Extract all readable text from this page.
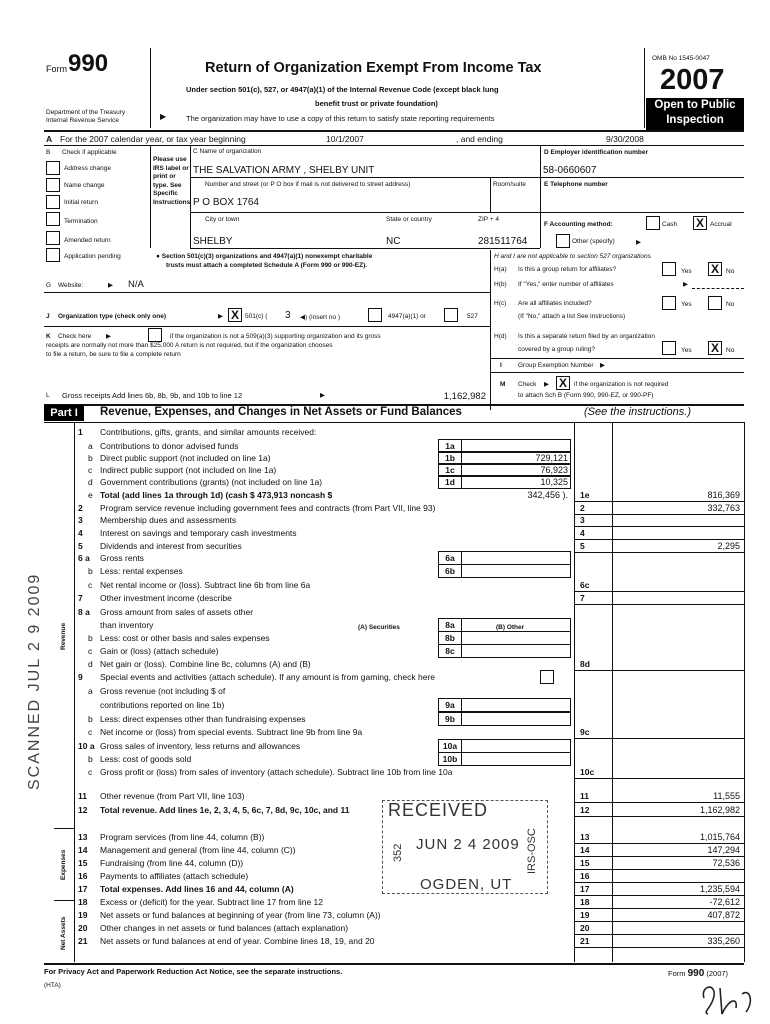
Form 990
Department of the Treasury
Internal Revenue Service
Return of Organization Exempt From Income Tax
Under section 501(c), 527, or 4947(a)(1) of the Internal Revenue Code (except black lung
benefit trust or private foundation)
▶	The organization may have to use a copy of this return to satisfy state reporting requirements
OMB No 1545-0047
2007
Open to Public
Inspection
A For the 2007 calendar year, or tax year beginning	10/1/2007	, and ending	9/30/2008
B Check if applicable
Address change
Name change
Initial return
Termination
Amended return
Application pending
Please use IRS label or print or type. See Specific Instructions
C Name of organization
THE SALVATION ARMY , SHELBY UNIT
Number and street (or P O box if mail is not delivered to street address)	Room/suite
P O BOX 1764
City or town	State or country	ZIP + 4
SHELBY	NC	281511764
D Employer identification number
58-0660607
E Telephone number
F Accounting method:	Cash X Accrual
Other (specify)	▶
● Section 501(c)(3) organizations and 4947(a)(1) nonexempt charitable
trusts must attach a completed Schedule A (Form 990 or 990-EZ).
H and I are not applicable to section 527 organizations
H(a) Is this a group return for affiliates?	Yes X	No
H(b) If "Yes," enter number of affiliates	▶
G Website:	▶ N/A
H(c) Are all affiliates included?	Yes	No
(If "No," attach a list See instructions)
J Organization type (check only one)	▶ X 501(c) ( 3 ◀) (insert no )	4947(a)(1) or	527
K Check here ▶	if the organization is not a 509(a)(3) supporting organization and its gross
receipts are normally not more than $25,000 A return is not required, but if the organization chooses
to file a return, be sure to file a complete return
H(d) Is this a separate return filed by an organization
covered by a group ruling?	Yes X	No
I Group Exemption Number ▶
M Check ▶ X	if the organization is not required
to attach Sch B (Form 990, 990-EZ, or 990-PF)
L Gross receipts Add lines 6b, 8b, 9b, and 10b to line 12	▶	1,162,982
Part I	Revenue, Expenses, and Changes in Net Assets or Fund Balances	(See the instructions.)
Revenue
Expenses
Net Assets
1 Contributions, gifts, grants, and similar amounts received:
a Contributions to donor advised funds	1a
b Direct public support (not included on line 1a)	1b	729,121
c Indirect public support (not included on line 1a)	1c	76,923
d Government contributions (grants) (not included on line 1a)	1d	10,325
e Total (add lines 1a through 1d) (cash $ 473,913 noncash $	342,456 ).
2 Program service revenue including government fees and contracts (from Part VII, line 93)
3 Membership dues and assessments
4 Interest on savings and temporary cash investments
5 Dividends and interest from securities
6 a Gross rents	6a
b Less: rental expenses	6b
c Net rental income or (loss). Subtract line 6b from line 6a
7 Other investment income (describe
8 a Gross amount from sales of assets other
than inventory	8a
b Less: cost or other basis and sales expenses	8b
c Gain or (loss) (attach schedule)	8c
d Net gain or (loss). Combine line 8c, columns (A) and (B)
9 Special events and activities (attach schedule). If any amount is from gaming, check here
a Gross revenue (not including $ of
contributions reported on line 1b)	9a
b Less: direct expenses other than fundraising expenses	9b
c Net income or (loss) from special events. Subtract line 9b from line 9a
10 a Gross sales of inventory, less returns and allowances	10a
b Less: cost of goods sold	10b
c Gross profit or (loss) from sales of inventory (attach schedule). Subtract line 10b from line 10a
11 Other revenue (from Part VII, line 103)
12 Total revenue. Add lines 1e, 2, 3, 4, 5, 6c, 7, 8d, 9c, 10c, and 11
13 Program services (from line 44, column (B))
14 Management and general (from line 44, column (C))
15 Fundraising (from line 44, column (D))
16 Payments to affiliates (attach schedule)
17 Total expenses. Add lines 16 and 44, column (A)
18 Excess or (deficit) for the year. Subtract line 17 from line 12
19 Net assets or fund balances at beginning of year (from line 73, column (A))
20 Other changes in net assets or fund balances (attach explanation)
21 Net assets or fund balances at end of year. Combine lines 18, 19, and 20
1e	816,369
2	332,763
3
4
5	2,295
6c
7
8d
9c
10c
11	11,555
12	1,162,982
13	1,015,764
14	147,294
15	72,536
16
17	1,235,594
18	-72,612
19	407,872
20
21	335,260
(A) Securities	(B) Other
RECEIVED
JUN 2 4 2009
OGDEN, UT
352	IRS-OSC
SCANNED JUL 2 9 2009
For Privacy Act and Paperwork Reduction Act Notice, see the separate instructions.
(HTA)
Form 990 (2007)
